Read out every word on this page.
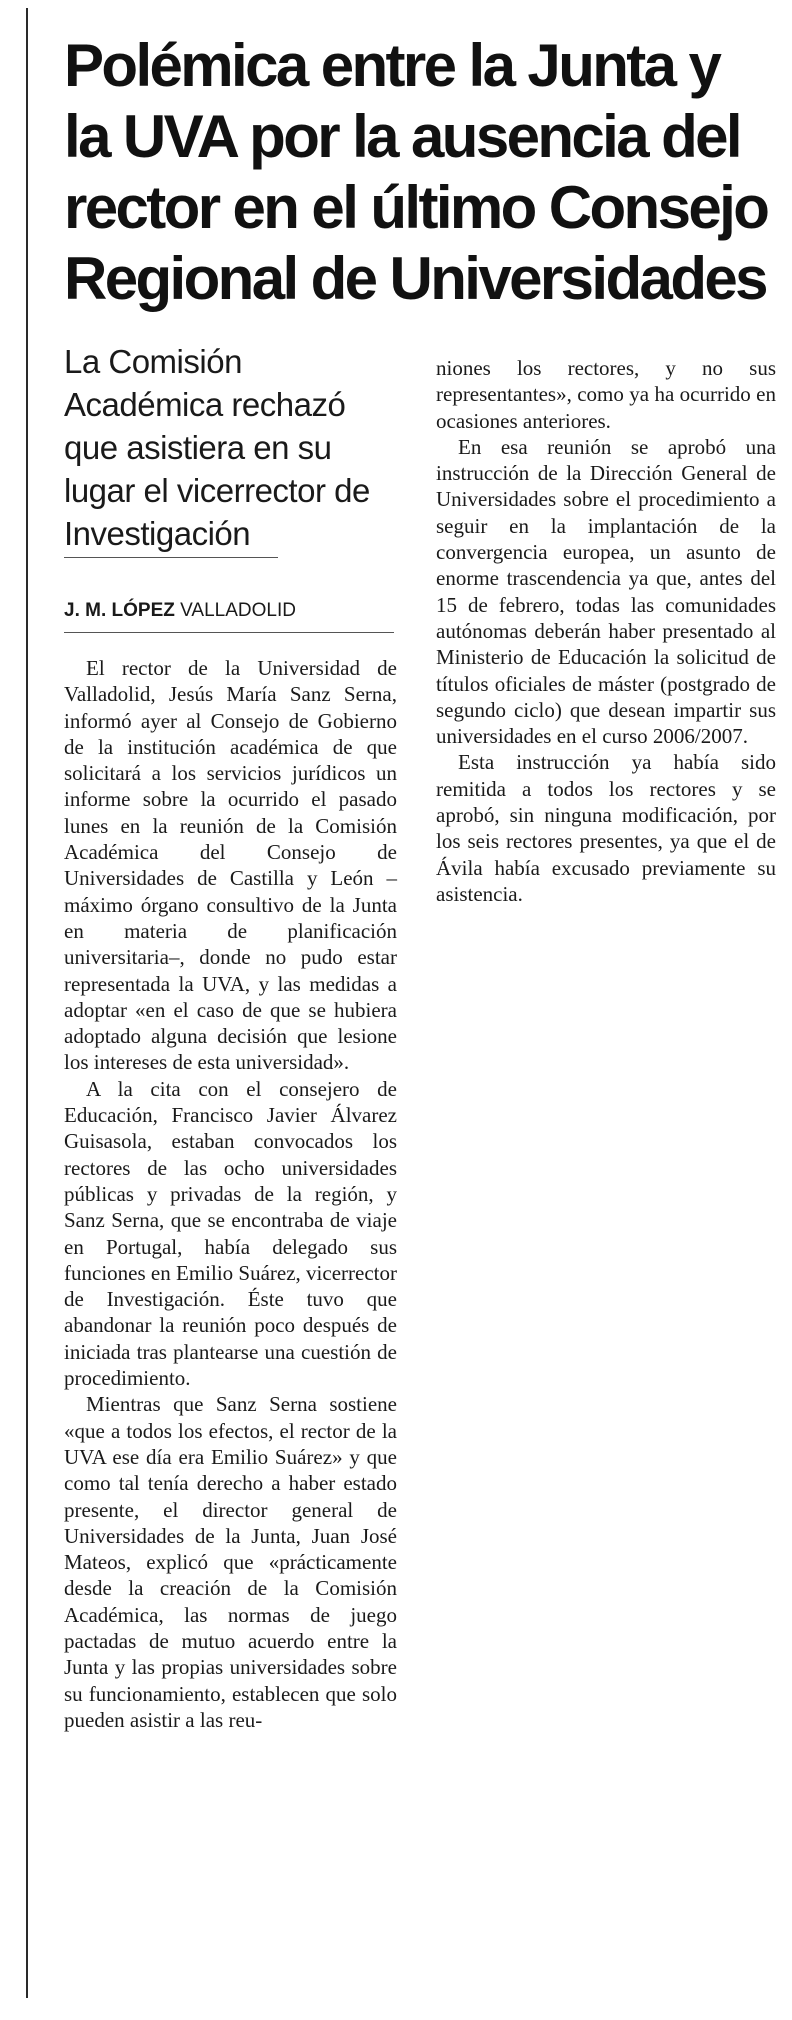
Polémica entre la Junta y
la UVA por la ausencia del
rector en el último Consejo
Regional de Universidades
La Comisión Académica rechazó que asistiera en su lugar el vicerrector de Investigación
J. M. LÓPEZ VALLADOLID

El rector de la Universidad de Valladolid, Jesús María Sanz Serna, informó ayer al Consejo de Gobierno de la institución académica de que solicitará a los servicios jurídicos un informe sobre la ocurrido el pasado lunes en la reunión de la Comisión Académica del Consejo de Universidades de Castilla y León –máximo órgano consultivo de la Junta en materia de planificación universitaria–, donde no pudo estar representada la UVA, y las medidas a adoptar «en el caso de que se hubiera adoptado alguna decisión que lesione los intereses de esta universidad».

A la cita con el consejero de Educación, Francisco Javier Álvarez Guisasola, estaban convocados los rectores de las ocho universidades públicas y privadas de la región, y Sanz Serna, que se encontraba de viaje en Portugal, había delegado sus funciones en Emilio Suárez, vicerrector de Investigación. Éste tuvo que abandonar la reunión poco después de iniciada tras plantearse una cuestión de procedimiento.

Mientras que Sanz Serna sostiene «que a todos los efectos, el rector de la UVA ese día era Emilio Suárez» y que como tal tenía derecho a haber estado presente, el director general de Universidades de la Junta, Juan José Mateos, explicó que «prácticamente desde la creación de la Comisión Académica, las normas de juego pactadas de mutuo acuerdo entre la Junta y las propias universidades sobre su funcionamiento, establecen que solo pueden asistir a las reu-

niones los rectores, y no sus representantes», como ya ha ocurrido en ocasiones anteriores.

En esa reunión se aprobó una instrucción de la Dirección General de Universidades sobre el procedimiento a seguir en la implantación de la convergencia europea, un asunto de enorme trascendencia ya que, antes del 15 de febrero, todas las comunidades autónomas deberán haber presentado al Ministerio de Educación la solicitud de títulos oficiales de máster (postgrado de segundo ciclo) que desean impartir sus universidades en el curso 2006/2007.

Esta instrucción ya había sido remitida a todos los rectores y se aprobó, sin ninguna modificación, por los seis rectores presentes, ya que el de Ávila había excusado previamente su asistencia.
